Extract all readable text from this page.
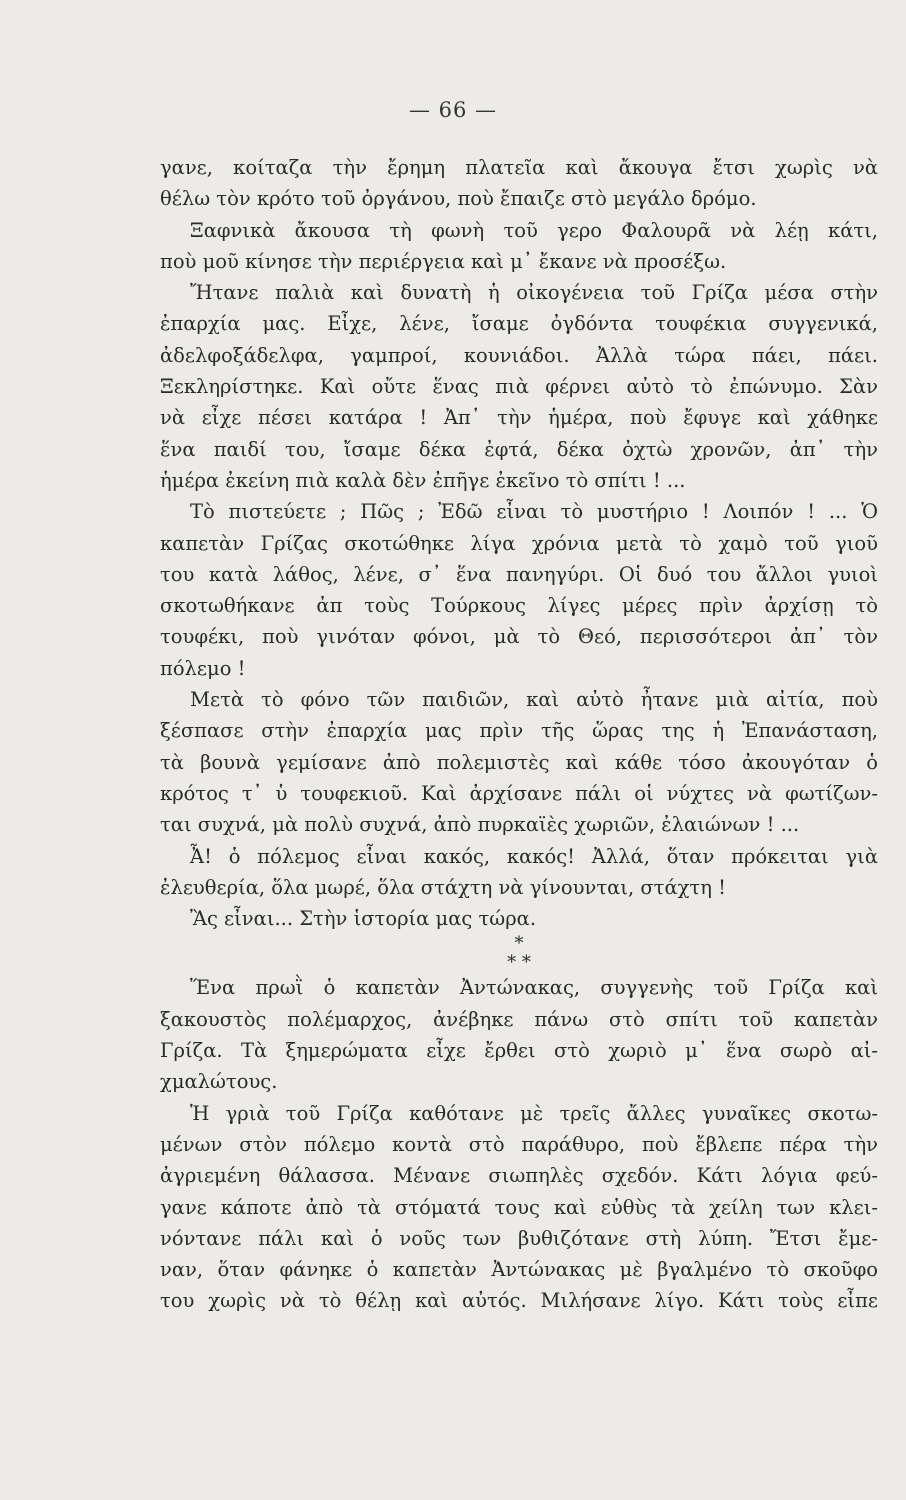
— 66 —
γανε, κοίταζα τὴν ἔρημη πλατεῖα καὶ ἄκουγα ἔτσι χωρὶς νὰ
θέλω τὸν κρότο τοῦ ὀργάνου, ποὺ ἔπαιζε στὸ μεγάλο δρόμο.
Ξαφνικὰ ἄκουσα τὴ φωνὴ τοῦ γερο Φαλουρᾶ νὰ λέῃ κάτι,
ποὺ μοῦ κίνησε τὴν περιέργεια καὶ μ᾿ ἔκανε νὰ προσέξω.
Ἤτανε παλιὰ καὶ δυνατὴ ἡ οἰκογένεια τοῦ Γρίζα μέσα στὴν
ἐπαρχία μας. Εἶχε, λένε, ἴσαμε ὀγδόντα τουφέκια συγγενικά,
ἀδελφοξάδελφα, γαμπροί, κουνιάδοι. Ἀλλὰ τώρα πάει, πάει.
Ξεκληρίστηκε. Καὶ οὔτε ἕνας πιὰ φέρνει αὐτὸ τὸ ἐπώνυμο. Σὰν
νὰ εἶχε πέσει κατάρα ! Ἀπ᾿ τὴν ἡμέρα, ποὺ ἔφυγε καὶ χάθηκε
ἕνα παιδί του, ἴσαμε δέκα ἐφτά, δέκα ὀχτὼ χρονῶν, ἀπ᾿ τὴν
ἡμέρα ἐκείνη πιὰ καλὰ δὲν ἐπῆγε ἐκεῖνο τὸ σπίτι ! ...
Τὸ πιστεύετε ; Πῶς ; Ἐδῶ εἶναι τὸ μυστήριο ! Λοιπόν ! ... Ὁ
καπετὰν Γρίζας σκοτώθηκε λίγα χρόνια μετὰ τὸ χαμὸ τοῦ γιοῦ
του κατὰ λάθος, λένε, σ᾿ ἕνα πανηγύρι. Οἱ δυό του ἄλλοι γυιοὶ
σκοτωθήκανε ἀπ τοὺς Τούρκους λίγες μέρες πρὶν ἀρχίσῃ τὸ
τουφέκι, ποὺ γινόταν φόνοι, μὰ τὸ Θεό, περισσότεροι ἀπ᾿ τὸν
πόλεμο !
Μετὰ τὸ φόνο τῶν παιδιῶν, καὶ αὐτὸ ἦτανε μιὰ αἰτία, ποὺ
ξέσπασε στὴν ἐπαρχία μας πρὶν τῆς ὥρας της ἡ Ἐπανάσταση,
τὰ βουνὰ γεμίσανε ἀπὸ πολεμιστὲς καὶ κάθε τόσο ἀκουγόταν ὁ
κρότος τ᾿ ὑ τουφεκιοῦ. Καὶ ἀρχίσανε πάλι οἱ νύχτες νὰ φωτίζων-
ται συχνά, μὰ πολὺ συχνά, ἀπὸ πυρκαϊὲς χωριῶν, ἐλαιώνων ! ...
Ἆ! ὁ πόλεμος εἶναι κακός, κακός! Ἀλλά, ὅταν πρόκειται γιὰ
ἐλευθερία, ὅλα μωρέ, ὅλα στάχτη νὰ γίνουνται, στάχτη !
Ἂς εἶναι... Στὴν ἱστορία μας τώρα.
*
* *
Ἕνα πρωῒ ὁ καπετὰν Ἀντώνακας, συγγενὴς τοῦ Γρίζα καὶ
ξακουστὸς πολέμαρχος, ἀνέβηκε πάνω στὸ σπίτι τοῦ καπετὰν
Γρίζα. Τὰ ξημερώματα εἶχε ἔρθει στὸ χωριὸ μ᾿ ἕνα σωρὸ αἰ-
χμαλώτους.
Ἡ γριὰ τοῦ Γρίζα καθότανε μὲ τρεῖς ἄλλες γυναῖκες σκοτω-
μένων στὸν πόλεμο κοντὰ στὸ παράθυρο, ποὺ ἔβλεπε πέρα τὴν
ἀγριεμένη θάλασσα. Μένανε σιωπηλὲς σχεδόν. Κάτι λόγια φεύ-
γανε κάποτε ἀπὸ τὰ στόματά τους καὶ εὐθὺς τὰ χείλη των κλει-
νόντανε πάλι καὶ ὁ νοῦς των βυθιζότανε στὴ λύπη. Ἔτσι ἔμε-
ναν, ὅταν φάνηκε ὁ καπετὰν Ἀντώνακας μὲ βγαλμένο τὸ σκοῦφο
του χωρὶς νὰ τὸ θέλῃ καὶ αὐτός. Μιλήσανε λίγο. Κάτι τοὺς εἶπε
